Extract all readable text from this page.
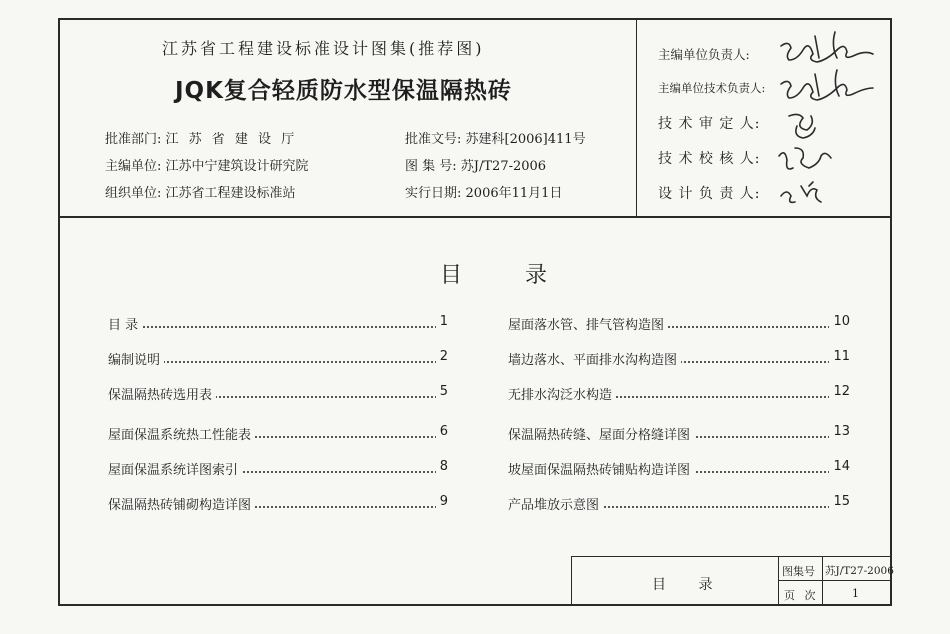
江苏省工程建设标准设计图集(推荐图)
JQK复合轻质防水型保温隔热砖
批准部门: 江 苏 省 建 设 厅
主编单位: 江苏中宁建筑设计研究院
组织单位: 江苏省工程建设标准站
批准文号: 苏建科[2006]411号
图 集 号: 苏J/T27-2006
实行日期: 2006年11月1日
主编单位负责人:
主编单位技术负责人:
技 术 审 定 人:
技 术 校 核 人:
设 计 负 责 人:
目 录
目 录	1
编制说明	2
保温隔热砖选用表	5
屋面保温系统热工性能表	6
屋面保温系统详图索引	8
保温隔热砖铺砌构造详图	9
屋面落水管、排气管构造图	10
墙边落水、平面排水沟构造图	11
无排水沟泛水构造	12
保温隔热砖缝、屋面分格缝详图	13
坡屋面保温隔热砖铺贴构造详图	14
产品堆放示意图	15
目 录
图集号 苏J/T27-2006
页 次	1
